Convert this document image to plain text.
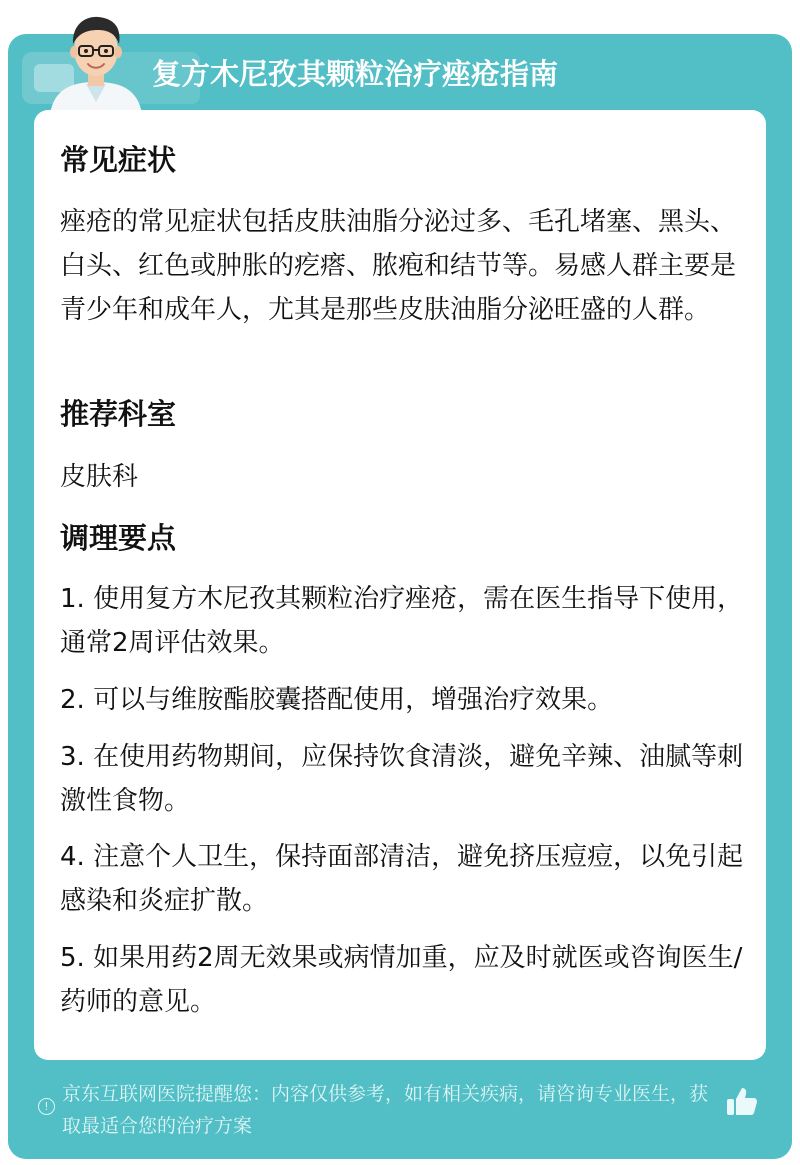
复方木尼孜其颗粒治疗痤疮指南
常见症状
痤疮的常见症状包括皮肤油脂分泌过多、毛孔堵塞、黑头、白头、红色或肿胀的疙瘩、脓疱和结节等。易感人群主要是青少年和成年人，尤其是那些皮肤油脂分泌旺盛的人群。
推荐科室
皮肤科
调理要点
1. 使用复方木尼孜其颗粒治疗痤疮，需在医生指导下使用，通常2周评估效果。
2. 可以与维胺酯胶囊搭配使用，增强治疗效果。
3. 在使用药物期间，应保持饮食清淡，避免辛辣、油腻等刺激性食物。
4. 注意个人卫生，保持面部清洁，避免挤压痘痘，以免引起感染和炎症扩散。
5. 如果用药2周无效果或病情加重，应及时就医或咨询医生/药师的意见。
!
京东互联网医院提醒您：内容仅供参考，如有相关疾病，请咨询专业医生，获取最适合您的治疗方案
